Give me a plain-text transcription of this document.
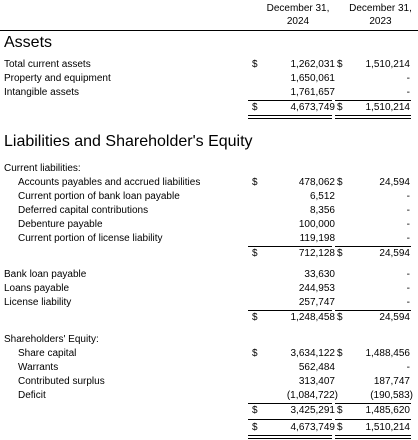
December 31,
2024
December 31,
2023
Assets
Total current assets	$	1,262,031 $ 1,510,214
Property and equipment	1,650,061	-
Intangible assets	1,761,657	-
$	4,673,749 $ 1,510,214
Liabilities and Shareholder's Equity
Current liabilities:
Accounts payables and accrued liabilities	$	478,062 $	24,594
Current portion of bank loan payable	6,512	-
Deferred capital contributions	8,356	-
Debenture payable	100,000	-
Current portion of license liability	119,198	-
$	712,128 $	24,594
Bank loan payable	33,630	-
Loans payable	244,953	-
License liability	257,747	-
$	1,248,458 $	24,594
Shareholders' Equity:
Share capital	$	3,634,122 $ 1,488,456
Warrants	562,484	-
Contributed surplus	313,407	187,747
Deficit	(1,084,722)	(190,583)
$	3,425,291 $ 1,485,620
$	4,673,749 $ 1,510,214
